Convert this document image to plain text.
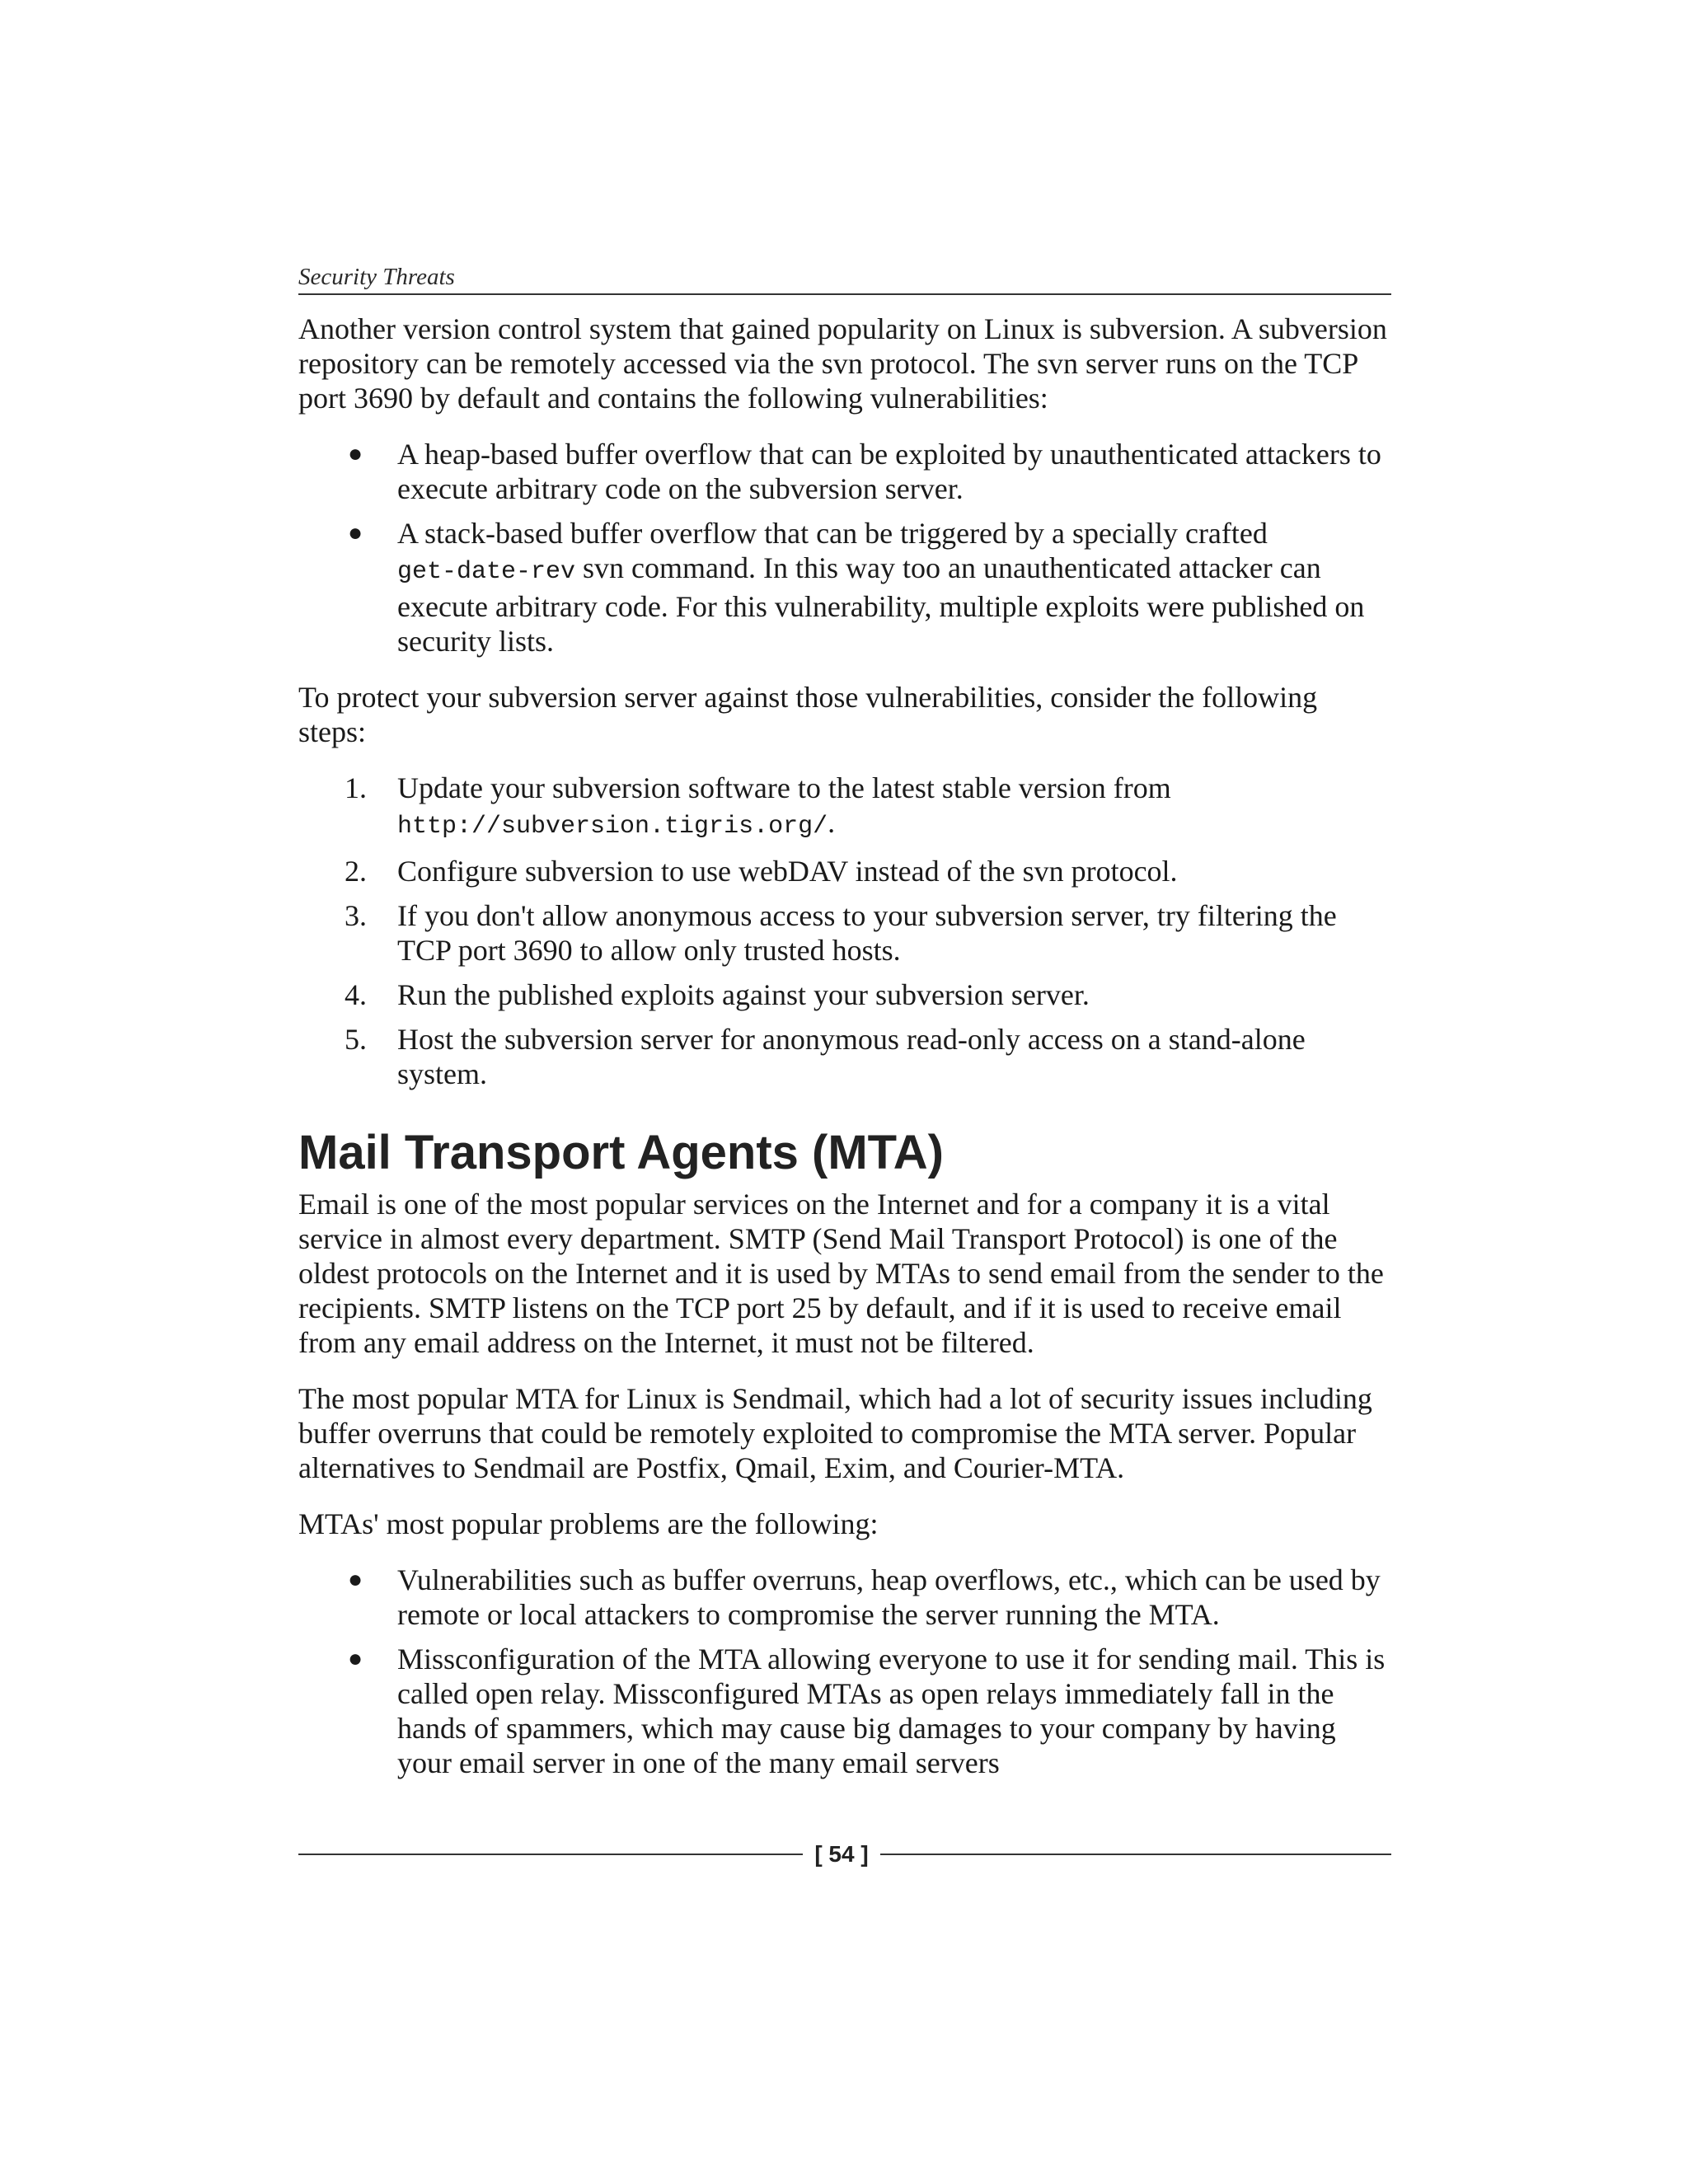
Security Threats

Another version control system that gained popularity on Linux is subversion. A subversion repository can be remotely accessed via the svn protocol. The svn server runs on the TCP port 3690 by default and contains the following vulnerabilities:

●	A heap-based buffer overflow that can be exploited by unauthenticated attackers to execute arbitrary code on the subversion server.
●	A stack-based buffer overflow that can be triggered by a specially crafted
get-date-rev svn command. In this way too an unauthenticated attacker can execute arbitrary code. For this vulnerability, multiple exploits were published on security lists.

To protect your subversion server against those vulnerabilities, consider the following steps:

1.	Update your subversion software to the latest stable version from
http://subversion.tigris.org/.
2.	Configure subversion to use webDAV instead of the svn protocol.
3.	If you don't allow anonymous access to your subversion server, try filtering the TCP port 3690 to allow only trusted hosts.
4.	Run the published exploits against your subversion server.
5.	Host the subversion server for anonymous read-only access on a stand-alone system.
Mail Transport Agents (MTA)

Email is one of the most popular services on the Internet and for a company it is a vital service in almost every department. SMTP (Send Mail Transport Protocol) is one of the oldest protocols on the Internet and it is used by MTAs to send email from the sender to the recipients. SMTP listens on the TCP port 25 by default, and if it is used to receive email from any email address on the Internet, it must not be filtered.

The most popular MTA for Linux is Sendmail, which had a lot of security issues including buffer overruns that could be remotely exploited to compromise the MTA server. Popular alternatives to Sendmail are Postfix, Qmail, Exim, and Courier-MTA.

MTAs' most popular problems are the following:

●	Vulnerabilities such as buffer overruns, heap overflows, etc., which can be used by remote or local attackers to compromise the server running the MTA.
●	Missconfiguration of the MTA allowing everyone to use it for sending mail. This is called open relay. Missconfigured MTAs as open relays immediately fall in the hands of spammers, which may cause big damages to your company by having your email server in one of the many email servers
[ 54 ]
